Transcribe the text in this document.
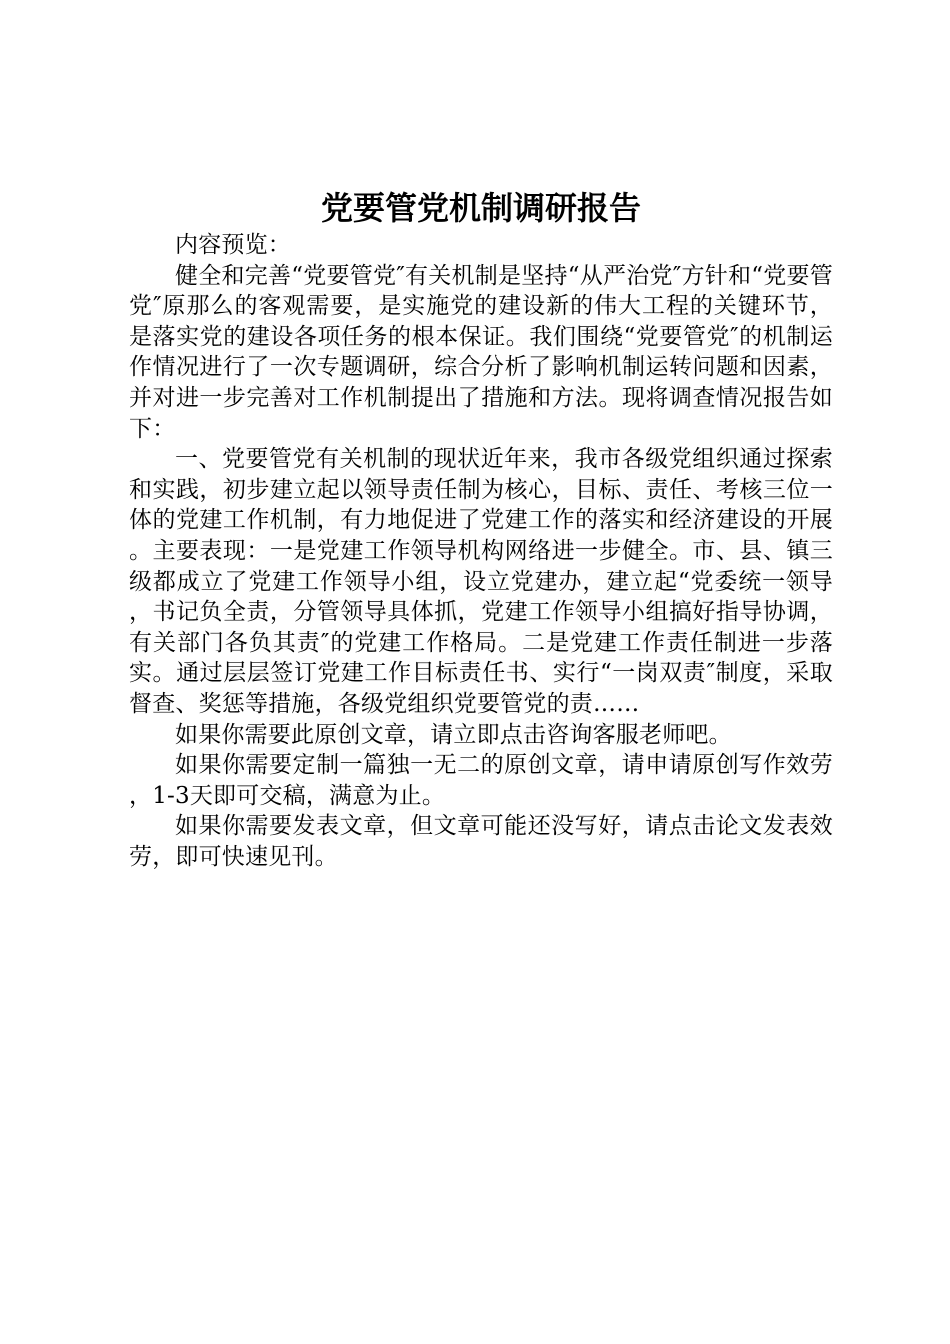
党要管党机制调研报告

内容预览：

健全和完善“党要管党″有关机制是坚持“从严治党″方针和“党要管党″原那么的客观需要，是实施党的建设新的伟大工程的关键环节，是落实党的建设各项任务的根本保证。我们围绕“党要管党″的机制运作情况进行了一次专题调研，综合分析了影响机制运转问题和因素，并对进一步完善对工作机制提出了措施和方法。现将调查情况报告如下：

一、党要管党有关机制的现状近年来，我市各级党组织通过探索和实践，初步建立起以领导责任制为核心，目标、责任、考核三位一体的党建工作机制，有力地促进了党建工作的落实和经济建设的开展。主要表现：一是党建工作领导机构网络进一步健全。市、县、镇三级都成立了党建工作领导小组，设立党建办，建立起“党委统一领导，书记负全责，分管领导具体抓，党建工作领导小组搞好指导协调，有关部门各负其责″的党建工作格局。二是党建工作责任制进一步落实。通过层层签订党建工作目标责任书、实行“一岗双责″制度，采取督查、奖惩等措施，各级党组织党要管党的责……

如果你需要此原创文章，请立即点击咨询客服老师吧。

如果你需要定制一篇独一无二的原创文章，请申请原创写作效劳，1-3天即可交稿，满意为止。

如果你需要发表文章，但文章可能还没写好，请点击论文发表效劳，即可快速见刊。
